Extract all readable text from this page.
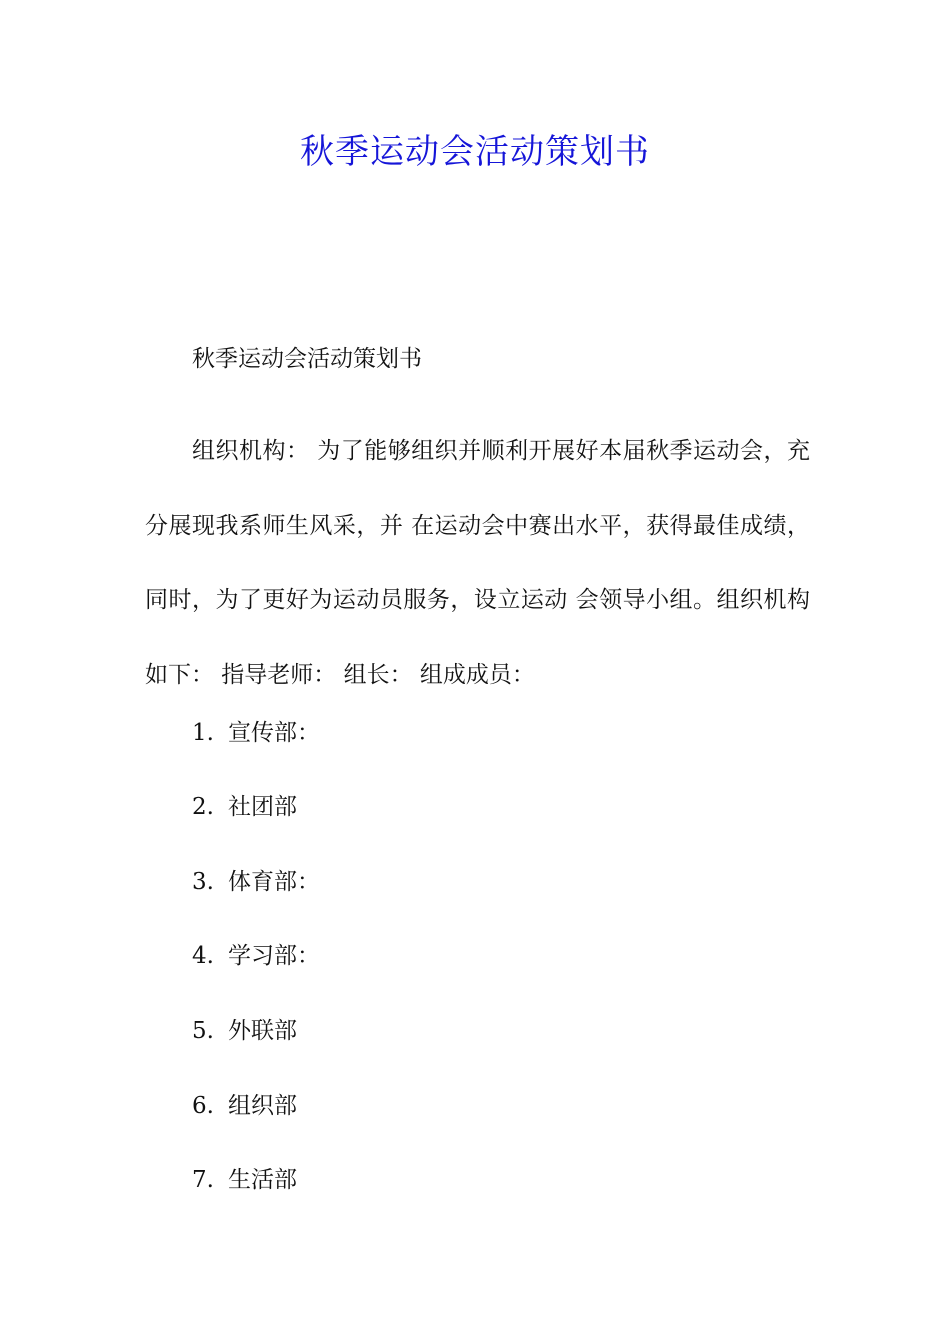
秋季运动会活动策划书

秋季运动会活动策划书

组织机构： 为了能够组织并顺利开展好本届秋季运动会，充分展现我系师生风采，并 在运动会中赛出水平，获得最佳成绩，同时，为了更好为运动员服务，设立运动 会领导小组。组织机构如下： 指导老师： 组长： 组成成员：

1. 宣传部：
2. 社团部
3. 体育部：
4. 学习部：
5. 外联部
6. 组织部
7. 生活部
